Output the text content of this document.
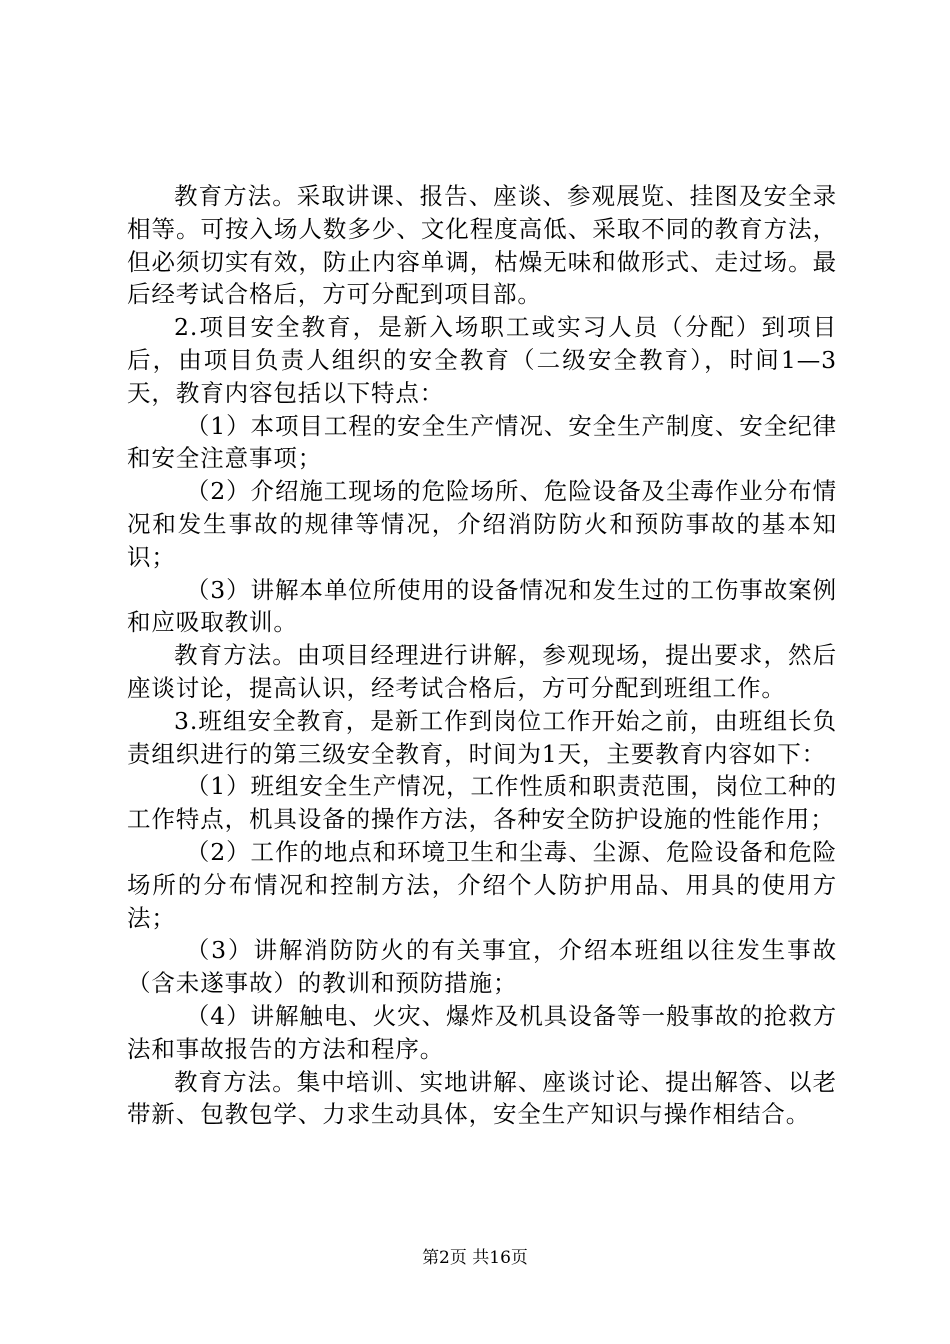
教育方法。采取讲课、报告、座谈、参观展览、挂图及安全录相等。可按入场人数多少、文化程度高低、采取不同的教育方法，但必须切实有效，防止内容单调，枯燥无味和做形式、走过场。最后经考试合格后，方可分配到项目部。

2.项目安全教育，是新入场职工或实习人员（分配）到项目后，由项目负责人组织的安全教育（二级安全教育），时间1—3天，教育内容包括以下特点：

（1）本项目工程的安全生产情况、安全生产制度、安全纪律和安全注意事项；

（2）介绍施工现场的危险场所、危险设备及尘毒作业分布情况和发生事故的规律等情况，介绍消防防火和预防事故的基本知识；

（3）讲解本单位所使用的设备情况和发生过的工伤事故案例和应吸取教训。

教育方法。由项目经理进行讲解，参观现场，提出要求，然后座谈讨论，提高认识，经考试合格后，方可分配到班组工作。

3.班组安全教育，是新工作到岗位工作开始之前，由班组长负责组织进行的第三级安全教育，时间为1天，主要教育内容如下：

（1）班组安全生产情况，工作性质和职责范围，岗位工种的工作特点，机具设备的操作方法，各种安全防护设施的性能作用；

（2）工作的地点和环境卫生和尘毒、尘源、危险设备和危险场所的分布情况和控制方法，介绍个人防护用品、用具的使用方法；

（3）讲解消防防火的有关事宜，介绍本班组以往发生事故（含未遂事故）的教训和预防措施；

（4）讲解触电、火灾、爆炸及机具设备等一般事故的抢救方法和事故报告的方法和程序。

教育方法。集中培训、实地讲解、座谈讨论、提出解答、以老带新、包教包学、力求生动具体，安全生产知识与操作相结合。

第2页 共16页
